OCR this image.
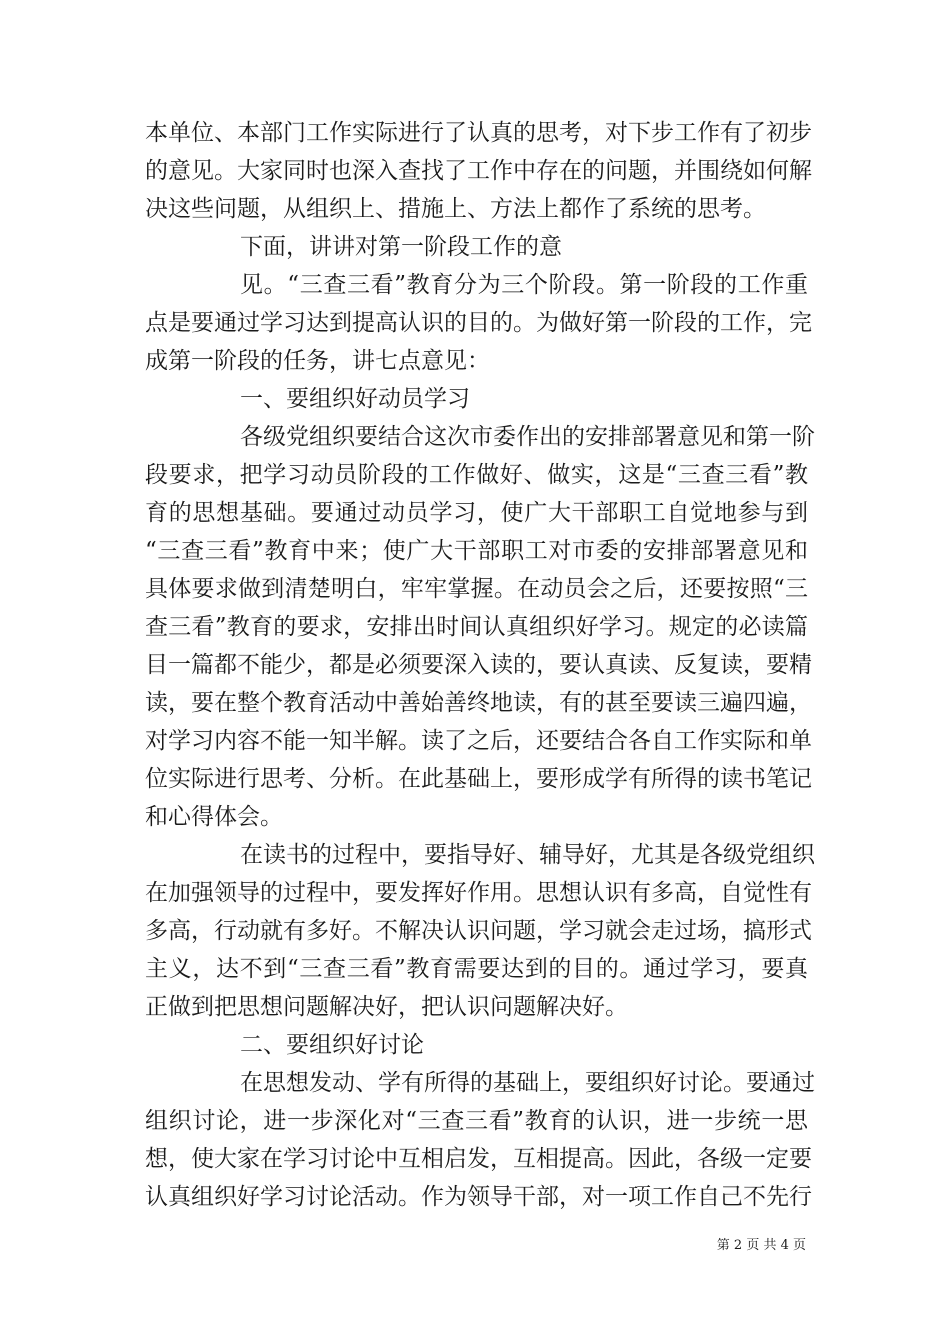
本单位、本部门工作实际进行了认真的思考，对下步工作有了初步
的意见。大家同时也深入查找了工作中存在的问题，并围绕如何解
决这些问题，从组织上、措施上、方法上都作了系统的思考。
下面，讲讲对第一阶段工作的意
见。“三查三看”教育分为三个阶段。第一阶段的工作重
点是要通过学习达到提高认识的目的。为做好第一阶段的工作，完
成第一阶段的任务，讲七点意见：
一、要组织好动员学习
各级党组织要结合这次市委作出的安排部署意见和第一阶
段要求，把学习动员阶段的工作做好、做实，这是“三查三看”教
育的思想基础。要通过动员学习，使广大干部职工自觉地参与到
“三查三看”教育中来；使广大干部职工对市委的安排部署意见和
具体要求做到清楚明白，牢牢掌握。在动员会之后，还要按照“三
查三看”教育的要求，安排出时间认真组织好学习。规定的必读篇
目一篇都不能少，都是必须要深入读的，要认真读、反复读，要精
读，要在整个教育活动中善始善终地读，有的甚至要读三遍四遍，
对学习内容不能一知半解。读了之后，还要结合各自工作实际和单
位实际进行思考、分析。在此基础上，要形成学有所得的读书笔记
和心得体会。
在读书的过程中，要指导好、辅导好，尤其是各级党组织
在加强领导的过程中，要发挥好作用。思想认识有多高，自觉性有
多高，行动就有多好。不解决认识问题，学习就会走过场，搞形式
主义，达不到“三查三看”教育需要达到的目的。通过学习，要真
正做到把思想问题解决好，把认识问题解决好。
二、要组织好讨论
在思想发动、学有所得的基础上，要组织好讨论。要通过
组织讨论，进一步深化对“三查三看”教育的认识，进一步统一思
想，使大家在学习讨论中互相启发，互相提高。因此，各级一定要
认真组织好学习讨论活动。作为领导干部，对一项工作自己不先行
第 2 页 共 4 页
